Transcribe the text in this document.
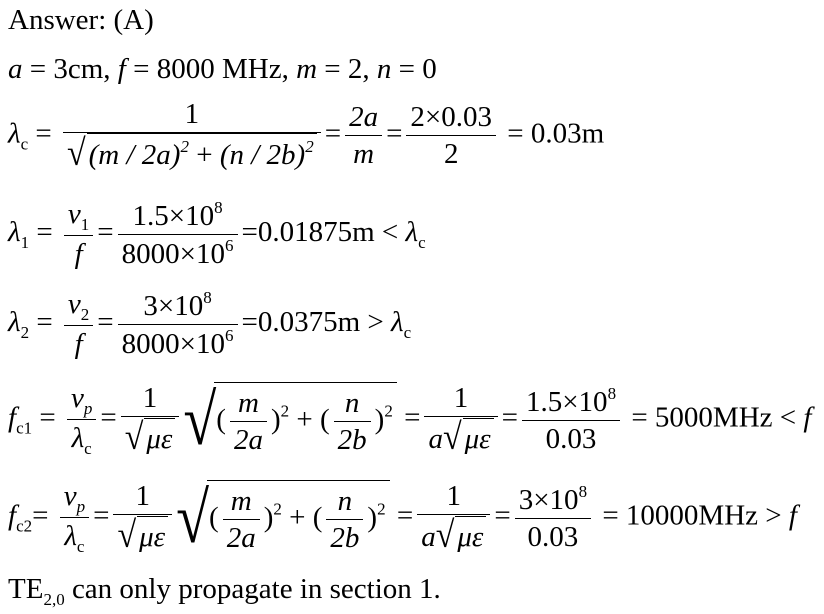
Answer: (A)
a = 3cm, f = 8000 MHz, m = 2, n = 0
$\lambda_c = \frac{1}{√ (m / 2a)^2 + (n / 2b)^2} = \frac{2a}{m} = \frac{2\times 0.03}{2} = 0.03m$
$\lambda_1 = \frac{v_1}{f} = \frac{1.5\times 10^8}{8000\times 10^6} =0.01875m < \lambda_c$
$\lambda_2 = \frac{v_2}{f} = \frac{3\times 10^8}{8000\times 10^6} =0.0375m > \lambda_c$
$f_{c1} = \frac{v_p}{\lambda_c} = \frac{1}{√ \mu\varepsilon}$ √( $\frac{m}{2a} )^2$ + ( $\frac{n}{2b} )^2 = \frac{1}{a√ \mu\varepsilon} = \frac{1.5\times 10^8}{0.03} = 5000MHz < f$
$f_{c2}= \frac{v_p}{\lambda_c} = \frac{1}{√ \mu\varepsilon}$ √( $\frac{m}{2a} )^2$ + ( $\frac{n}{2b} )^2 = \frac{1}{a√ \mu\varepsilon} = \frac{3\times 10^8}{0.03} = 10000MHz > f$
$TE_{2,0}$ can only propagate in section 1.
